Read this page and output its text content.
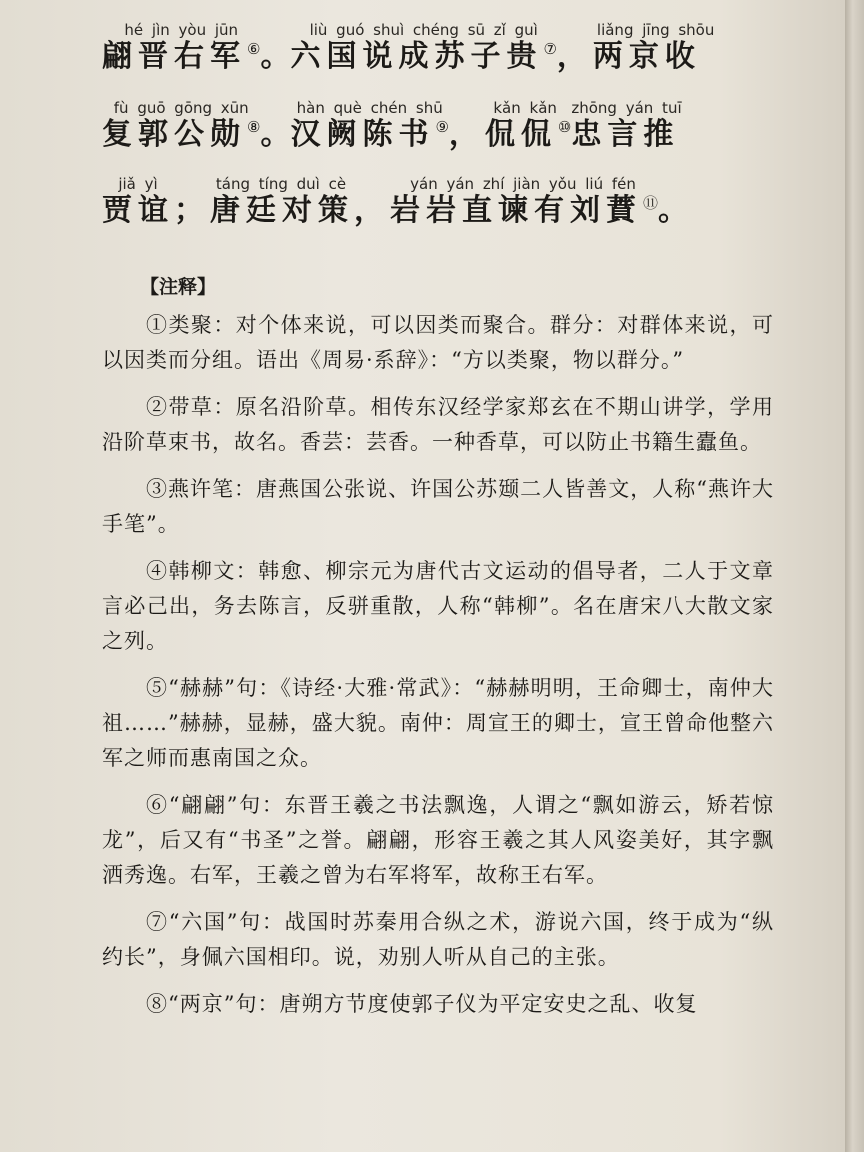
hé jìn yòu jūn
翩晋右军⑥。
liù guó shuì chéng sū zǐ guì
六国说成苏子贵⑦
liǎng jīng shōu
，两京收
fù guō gōng xūn
复郭公勋⑧。
hàn què chén shū
汉阙陈书⑨
kǎn kǎn
，侃侃⑩
zhōng yán tuī
忠言推
jiǎ yì
贾谊
táng tíng duì cè
；唐廷对策
yán yán zhí jiàn yǒu liú fén
，岩岩直谏有刘蕡⑪。
【注释】

①类聚：对个体来说，可以因类而聚合。群分：对群体来说，可以因类而分组。语出《周易·系辞》：“方以类聚，物以群分。”

②带草：原名沿阶草。相传东汉经学家郑玄在不期山讲学，学用沿阶草束书，故名。香芸：芸香。一种香草，可以防止书籍生蠹鱼。

③燕许笔：唐燕国公张说、许国公苏颋二人皆善文，人称“燕许大手笔”。

④韩柳文：韩愈、柳宗元为唐代古文运动的倡导者，二人于文章言必己出，务去陈言，反骈重散，人称“韩柳”。名在唐宋八大散文家之列。

⑤“赫赫”句：《诗经·大雅·常武》：“赫赫明明，王命卿士，南仲大祖……”赫赫，显赫，盛大貌。南仲：周宣王的卿士，宣王曾命他整六军之师而惠南国之众。

⑥“翩翩”句：东晋王羲之书法飘逸，人谓之“飘如游云，矫若惊龙”，后又有“书圣”之誉。翩翩，形容王羲之其人风姿美好，其字飘洒秀逸。右军，王羲之曾为右军将军，故称王右军。

⑦“六国”句：战国时苏秦用合纵之术，游说六国，终于成为“纵约长”，身佩六国相印。说，劝别人听从自己的主张。

⑧“两京”句：唐朔方节度使郭子仪为平定安史之乱、收复
